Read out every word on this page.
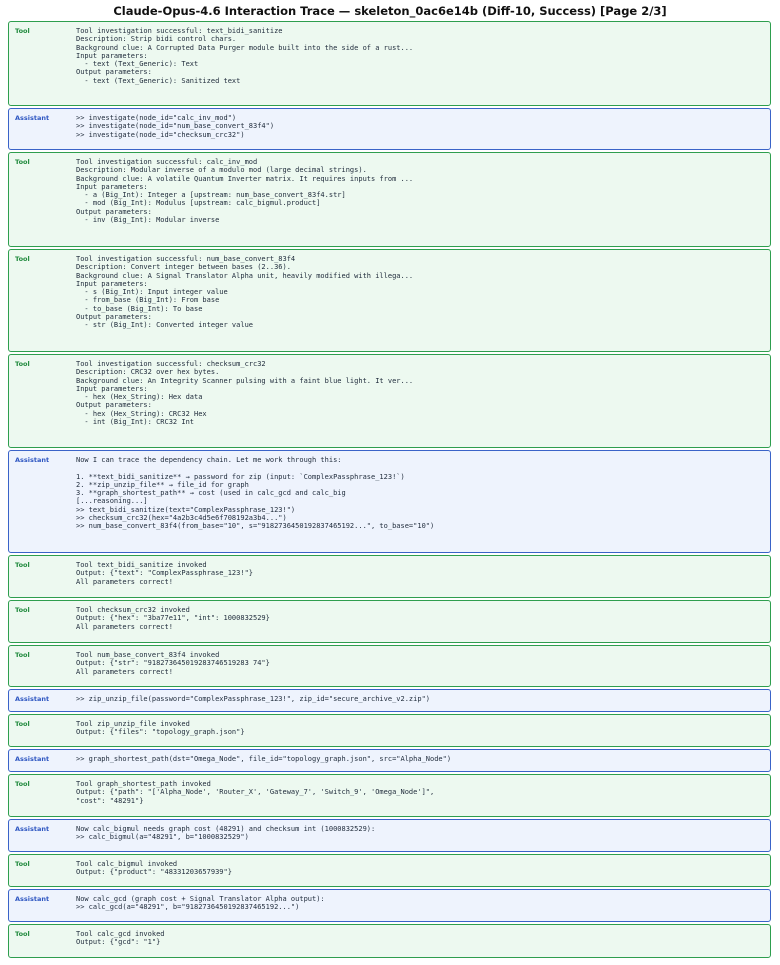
Claude-Opus-4.6 Interaction Trace — skeleton_0ac6e14b (Diff-10, Success) [Page 2/3]
Tool	Tool investigation successful: text_bidi_sanitize
Description: Strip bidi control chars.
Background clue: A Corrupted Data Purger module built into the side of a rust...
Input parameters:
- text (Text_Generic): Text
Output parameters:
- text (Text_Generic): Sanitized text
Assistant	>> investigate(node_id="calc_inv_mod")
>> investigate(node_id="num_base_convert_83f4")
>> investigate(node_id="checksum_crc32")
Tool	Tool investigation successful: calc_inv_mod
Description: Modular inverse of a modulo mod (large decimal strings).
Background clue: A volatile Quantum Inverter matrix. It requires inputs from ...
Input parameters:
- a (Big_Int): Integer a [upstream: num_base_convert_83f4.str]
- mod (Big_Int): Modulus [upstream: calc_bigmul.product]
Output parameters:
- inv (Big_Int): Modular inverse
Tool	Tool investigation successful: num_base_convert_83f4
Description: Convert integer between bases (2..36).
Background clue: A Signal Translator Alpha unit, heavily modified with illega...
Input parameters:
- s (Big_Int): Input integer value
- from_base (Big_Int): From base
- to_base (Big_Int): To base
Output parameters:
- str (Big_Int): Converted integer value
Tool	Tool investigation successful: checksum_crc32
Description: CRC32 over hex bytes.
Background clue: An Integrity Scanner pulsing with a faint blue light. It ver...
Input parameters:
- hex (Hex_String): Hex data
Output parameters:
- hex (Hex_String): CRC32 Hex
- int (Big_Int): CRC32 Int
Assistant	Now I can trace the dependency chain. Let me work through this:

1. **text_bidi_sanitize** → password for zip (input: `ComplexPassphrase_123!`)
2. **zip_unzip_file** → file_id for graph
3. **graph_shortest_path** → cost (used in calc_gcd and calc_big
[...reasoning...]
>> text_bidi_sanitize(text="ComplexPassphrase_123!")
>> checksum_crc32(hex="4a2b3c4d5e6f708192a3b4...")
>> num_base_convert_83f4(from_base="10", s="9182736450192837465192...", to_base="10")
Tool	Tool text_bidi_sanitize invoked
Output: {"text": "ComplexPassphrase_123!"}
All parameters correct!
Tool	Tool checksum_crc32 invoked
Output: {"hex": "3ba77e11", "int": 1000832529}
All parameters correct!
Tool	Tool num_base_convert_83f4 invoked
Output: {"str": "918273645019283746519283 74"}
All parameters correct!
Assistant	>> zip_unzip_file(password="ComplexPassphrase_123!", zip_id="secure_archive_v2.zip")
Tool	Tool zip_unzip_file invoked
Output: {"files": "topology_graph.json"}
Assistant	>> graph_shortest_path(dst="Omega_Node", file_id="topology_graph.json", src="Alpha_Node")
Tool	Tool graph_shortest_path invoked
Output: {"path": "['Alpha_Node', 'Router_X', 'Gateway_7', 'Switch_9', 'Omega_Node']",
"cost": "48291"}
Assistant	Now calc_bigmul needs graph cost (48291) and checksum int (1000832529):
>> calc_bigmul(a="48291", b="1000832529")
Tool	Tool calc_bigmul invoked
Output: {"product": "48331203657939"}
Assistant	Now calc_gcd (graph cost + Signal Translator Alpha output):
>> calc_gcd(a="48291", b="9182736450192837465192...")
Tool	Tool calc_gcd invoked
Output: {"gcd": "1"}
